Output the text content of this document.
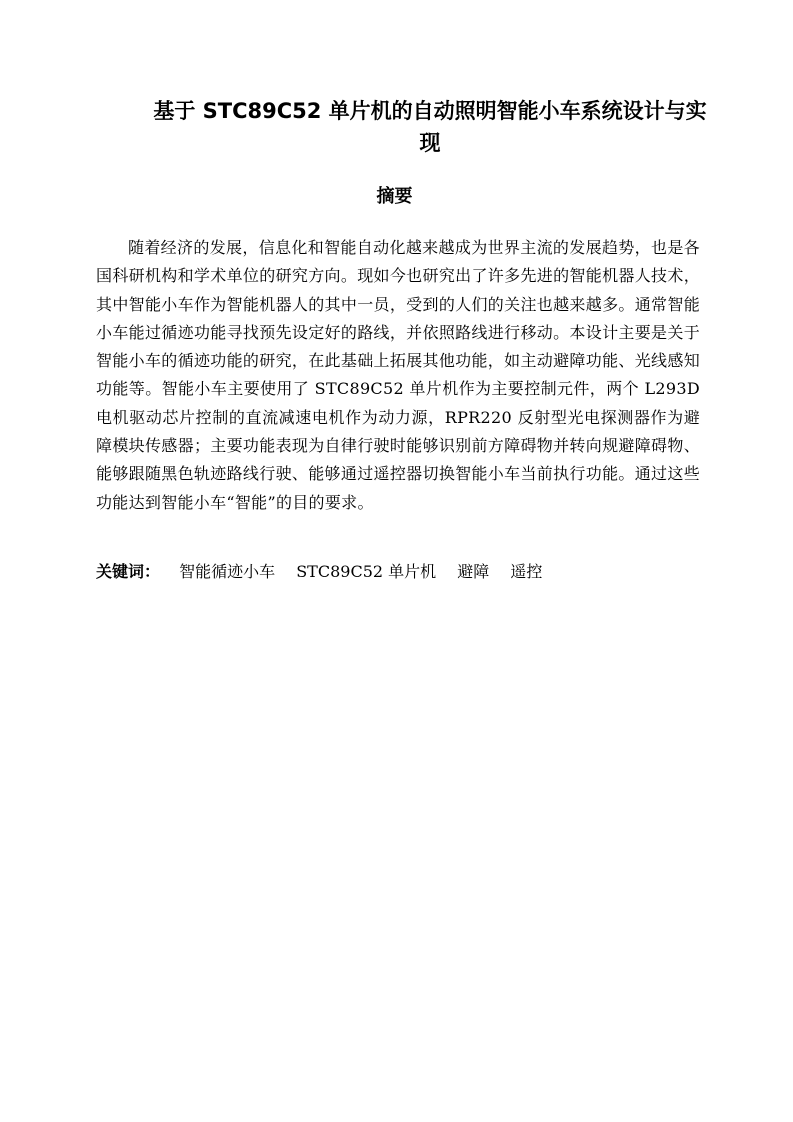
基于 STC89C52 单片机的自动照明智能小车系统设计与实现
摘要

随着经济的发展，信息化和智能自动化越来越成为世界主流的发展趋势，也是各国科研机构和学术单位的研究方向。现如今也研究出了许多先进的智能机器人技术，其中智能小车作为智能机器人的其中一员，受到的人们的关注也越来越多。通常智能小车能过循迹功能寻找预先设定好的路线，并依照路线进行移动。本设计主要是关于智能小车的循迹功能的研究，在此基础上拓展其他功能，如主动避障功能、光线感知功能等。智能小车主要使用了 STC89C52 单片机作为主要控制元件，两个 L293D 电机驱动芯片控制的直流减速电机作为动力源，RPR220 反射型光电探测器作为避障模块传感器；主要功能表现为自律行驶时能够识别前方障碍物并转向规避障碍物、能够跟随黑色轨迹路线行驶、能够通过遥控器切换智能小车当前执行功能。通过这些功能达到智能小车“智能”的目的要求。

关键词： 智能循迹小车 STC89C52 单片机 避障 遥控
